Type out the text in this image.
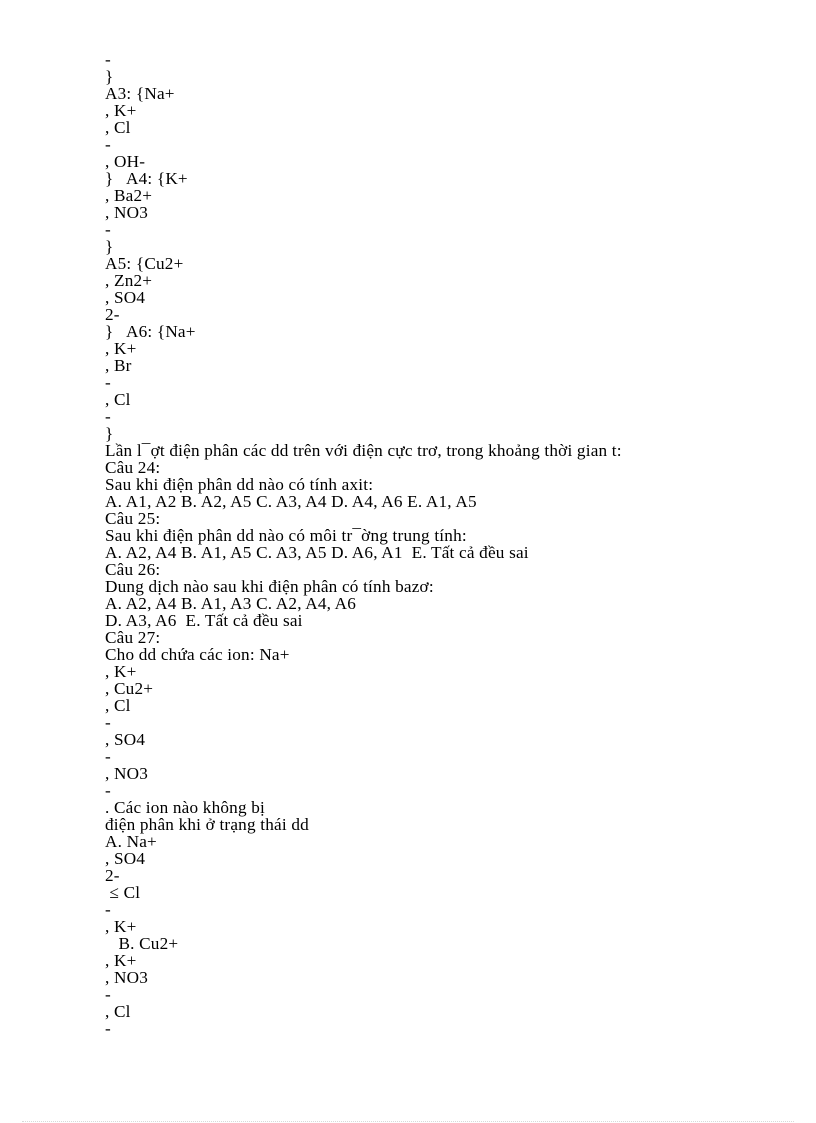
-
}
A3: {Na+
, K+
, Cl
-
, OH-
}   A4: {K+
, Ba2+
, NO3
-
}
A5: {Cu2+
, Zn2+
, SO4
2-
}   A6: {Na+
, K+
, Br
-
, Cl
-
}
Lần l¯ợt điện phân các dd trên với điện cực trơ, trong khoảng thời gian t:
Câu 24:
Sau khi điện phân dd nào có tính axit:
A. A1, A2 B. A2, A5 C. A3, A4 D. A4, A6 E. A1, A5
Câu 25:
Sau khi điện phân dd nào có môi tr¯ờng trung tính:
A. A2, A4 B. A1, A5 C. A3, A5 D. A6, A1  E. Tất cả đều sai
Câu 26:
Dung dịch nào sau khi điện phân có tính bazơ:
A. A2, A4 B. A1, A3 C. A2, A4, A6
D. A3, A6  E. Tất cả đều sai
Câu 27:
Cho dd chứa các ion: Na+
, K+
, Cu2+
, Cl
-
, SO4
-
, NO3
-
. Các ion nào không bị
điện phân khi ở trạng thái dd
A. Na+
, SO4
2-
≤ Cl
-
, K+
B. Cu2+
, K+
, NO3
-
, Cl
-
